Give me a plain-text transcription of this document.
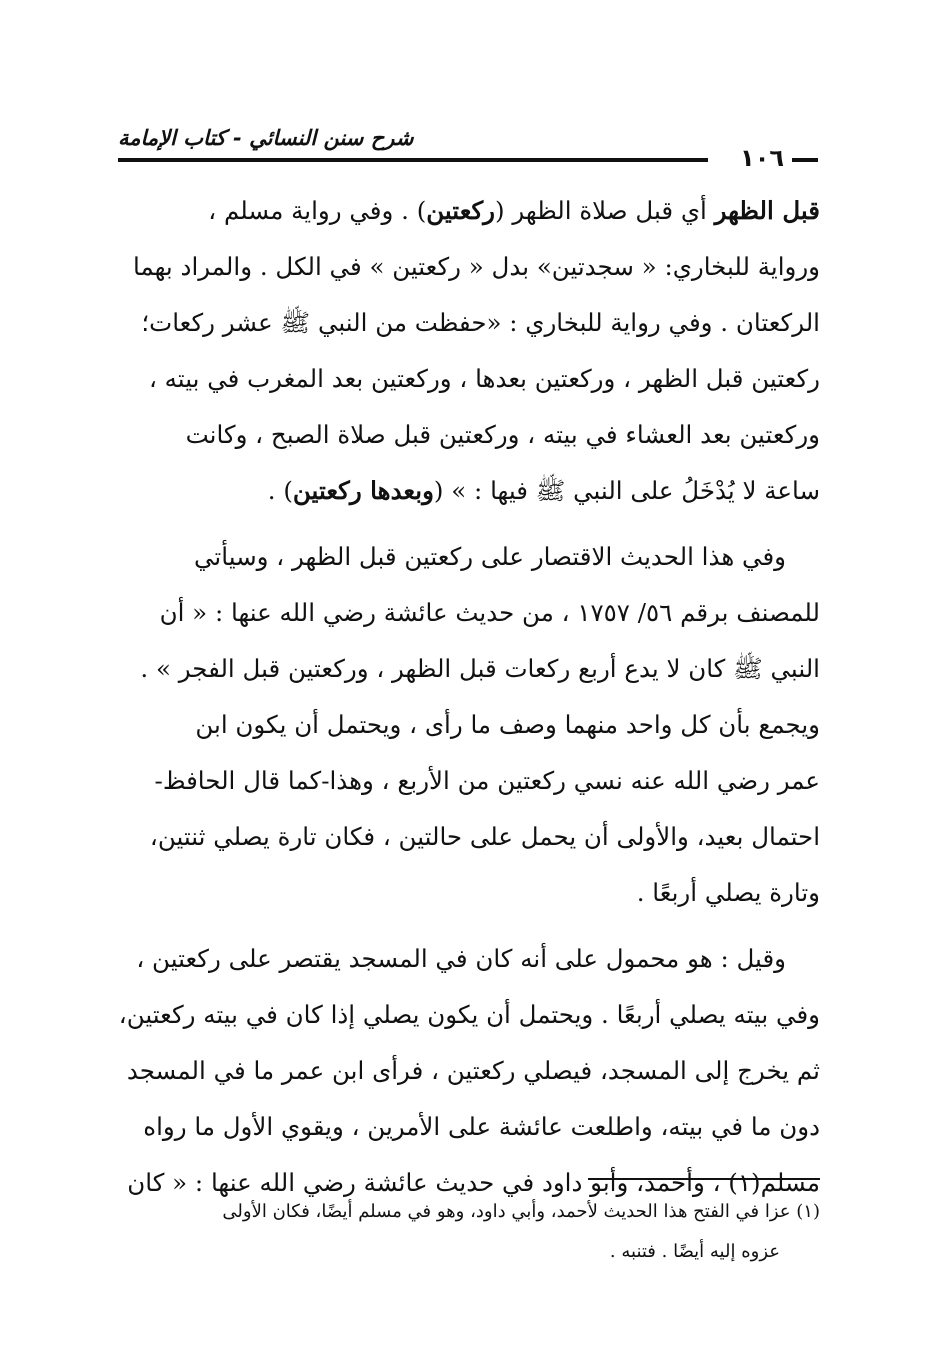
شرح سنن النسائي - كتاب الإمامة
١٠٦
قبل الظهر أي قبل صلاة الظهر (ركعتين) . وفي رواية مسلم ،
ورواية للبخاري: « سجدتين» بدل « ركعتين » في الكل . والمراد بهما
الركعتان . وفي رواية للبخاري : «حفظت من النبي ﷺ عشر ركعات؛
ركعتين قبل الظهر ، وركعتين بعدها ، وركعتين بعد المغرب في بيته ،
وركعتين بعد العشاء في بيته ، وركعتين قبل صلاة الصبح ، وكانت
ساعة لا يُدْخَلُ على النبي ﷺ فيها : » (وبعدها ركعتين) .
وفي هذا الحديث الاقتصار على ركعتين قبل الظهر ، وسيأتي
للمصنف برقم ٥٦/ ١٧٥٧ ، من حديث عائشة رضي الله عنها : « أن
النبي ﷺ كان لا يدع أربع ركعات قبل الظهر ، وركعتين قبل الفجر » .
ويجمع بأن كل واحد منهما وصف ما رأى ، ويحتمل أن يكون ابن
عمر رضي الله عنه نسي ركعتين من الأربع ، وهذا-كما قال الحافظ-
احتمال بعيد، والأولى أن يحمل على حالتين ، فكان تارة يصلي ثنتين،
وتارة يصلي أربعًا .
وقيل : هو محمول على أنه كان في المسجد يقتصر على ركعتين ،
وفي بيته يصلي أربعًا . ويحتمل أن يكون يصلي إذا كان في بيته ركعتين،
ثم يخرج إلى المسجد، فيصلي ركعتين ، فرأى ابن عمر ما في المسجد
دون ما في بيته، واطلعت عائشة على الأمرين ، ويقوي الأول ما رواه
مسلم(١) ، وأحمد، وأبو داود في حديث عائشة رضي الله عنها : « كان
(١) عزا في الفتح هذا الحديث لأحمد، وأبي داود، وهو في مسلم أيضًا، فكان الأولى
عزوه إليه أيضًا . فتنبه .
